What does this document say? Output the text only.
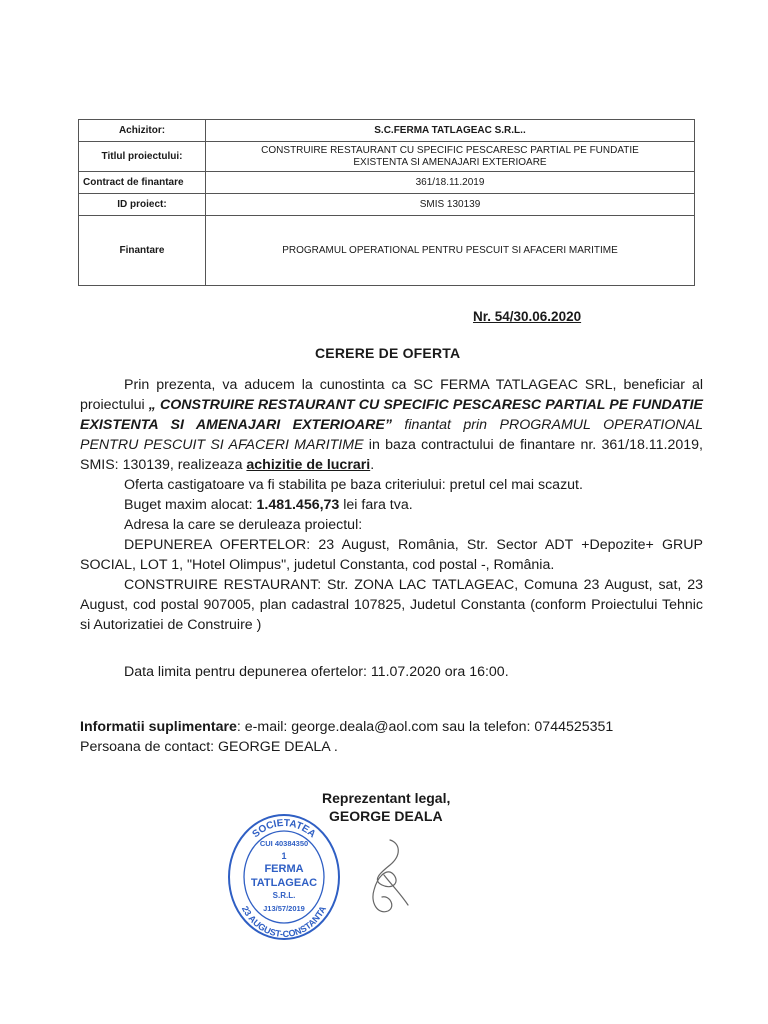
Achizitor:	S.C.FERMA TATLAGEAC S.R.L..
Titlul proiectului:	CONSTRUIRE RESTAURANT CU SPECIFIC PESCARESC PARTIAL PE FUNDATIE
EXISTENTA SI AMENAJARI EXTERIOARE
Contract de finantare	361/18.11.2019
ID proiect:	SMIS 130139
Finantare	PROGRAMUL OPERATIONAL PENTRU PESCUIT SI AFACERI MARITIME
Nr. 54/30.06.2020
CERERE DE OFERTA

Prin prezenta, va aducem la cunostinta ca SC FERMA TATLAGEAC SRL, beneficiar al proiectului „ CONSTRUIRE RESTAURANT CU SPECIFIC PESCARESC PARTIAL PE FUNDATIE EXISTENTA SI AMENAJARI EXTERIOARE” finantat prin PROGRAMUL OPERATIONAL PENTRU PESCUIT SI AFACERI MARITIME in baza contractului de finantare nr. 361/18.11.2019, SMIS: 130139, realizeaza achizitie de lucrari.

Oferta castigatoare va fi stabilita pe baza criteriului: pretul cel mai scazut.

Buget maxim alocat: 1.481.456,73 lei fara tva.

Adresa la care se deruleaza proiectul:

DEPUNEREA OFERTELOR: 23 August, România, Str. Sector ADT +Depozite+ GRUP SOCIAL, LOT 1, "Hotel Olimpus", judetul Constanta, cod postal -, România.

CONSTRUIRE RESTAURANT: Str. ZONA LAC TATLAGEAC, Comuna 23 August, sat, 23 August, cod postal 907005, plan cadastral 107825, Judetul Constanta (conform Proiectului Tehnic si Autorizatiei de Construire )

Data limita pentru depunerea ofertelor: 11.07.2020 ora 16:00.
Informatii suplimentare: e-mail: george.deala@aol.com sau la telefon: 0744525351
Persoana de contact: GEORGE DEALA .
Reprezentant legal,
GEORGE DEALA
SOCIETATEA
23 AUGUST-CONSTANTA
CUI 40384350
1
FERMA
TATLAGEAC
S.R.L.
J13/57/2019
